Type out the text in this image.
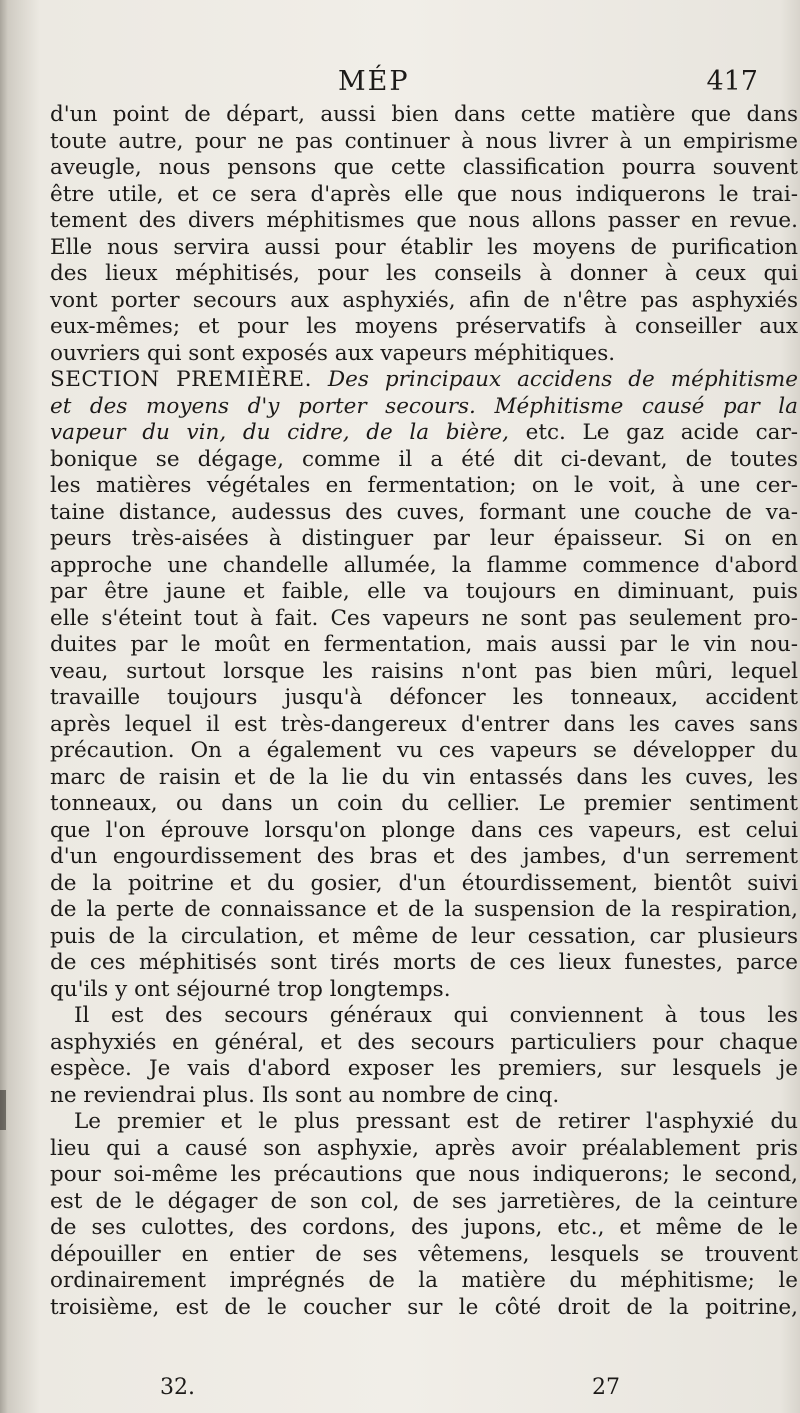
MÉP	417
d'un point de départ, aussi bien dans cette matière que dans
toute autre, pour ne pas continuer à nous livrer à un empirisme
aveugle, nous pensons que cette classification pourra souvent
être utile, et ce sera d'après elle que nous indiquerons le trai-
tement des divers méphitismes que nous allons passer en revue.
Elle nous servira aussi pour établir les moyens de purification
des lieux méphitisés, pour les conseils à donner à ceux qui
vont porter secours aux asphyxiés, afin de n'être pas asphyxiés
eux-mêmes; et pour les moyens préservatifs à conseiller aux
ouvriers qui sont exposés aux vapeurs méphitiques.
SECTION PREMIÈRE. Des principaux accidens de méphitisme
et des moyens d'y porter secours. Méphitisme causé par la
vapeur du vin, du cidre, de la bière, etc. Le gaz acide car-
bonique se dégage, comme il a été dit ci-devant, de toutes
les matières végétales en fermentation; on le voit, à une cer-
taine distance, audessus des cuves, formant une couche de va-
peurs très-aisées à distinguer par leur épaisseur. Si on en
approche une chandelle allumée, la flamme commence d'abord
par être jaune et faible, elle va toujours en diminuant, puis
elle s'éteint tout à fait. Ces vapeurs ne sont pas seulement pro-
duites par le moût en fermentation, mais aussi par le vin nou-
veau, surtout lorsque les raisins n'ont pas bien mûri, lequel
travaille toujours jusqu'à défoncer les tonneaux, accident
après lequel il est très-dangereux d'entrer dans les caves sans
précaution. On a également vu ces vapeurs se développer du
marc de raisin et de la lie du vin entassés dans les cuves, les
tonneaux, ou dans un coin du cellier. Le premier sentiment
que l'on éprouve lorsqu'on plonge dans ces vapeurs, est celui
d'un engourdissement des bras et des jambes, d'un serrement
de la poitrine et du gosier, d'un étourdissement, bientôt suivi
de la perte de connaissance et de la suspension de la respiration,
puis de la circulation, et même de leur cessation, car plusieurs
de ces méphitisés sont tirés morts de ces lieux funestes, parce
qu'ils y ont séjourné trop longtemps.
Il est des secours généraux qui conviennent à tous les
asphyxiés en général, et des secours particuliers pour chaque
espèce. Je vais d'abord exposer les premiers, sur lesquels je
ne reviendrai plus. Ils sont au nombre de cinq.
Le premier et le plus pressant est de retirer l'asphyxié du
lieu qui a causé son asphyxie, après avoir préalablement pris
pour soi-même les précautions que nous indiquerons; le second,
est de le dégager de son col, de ses jarretières, de la ceinture
de ses culottes, des cordons, des jupons, etc., et même de le
dépouiller en entier de ses vêtemens, lesquels se trouvent
ordinairement imprégnés de la matière du méphitisme; le
troisième, est de le coucher sur le côté droit de la poitrine,
32.	27
